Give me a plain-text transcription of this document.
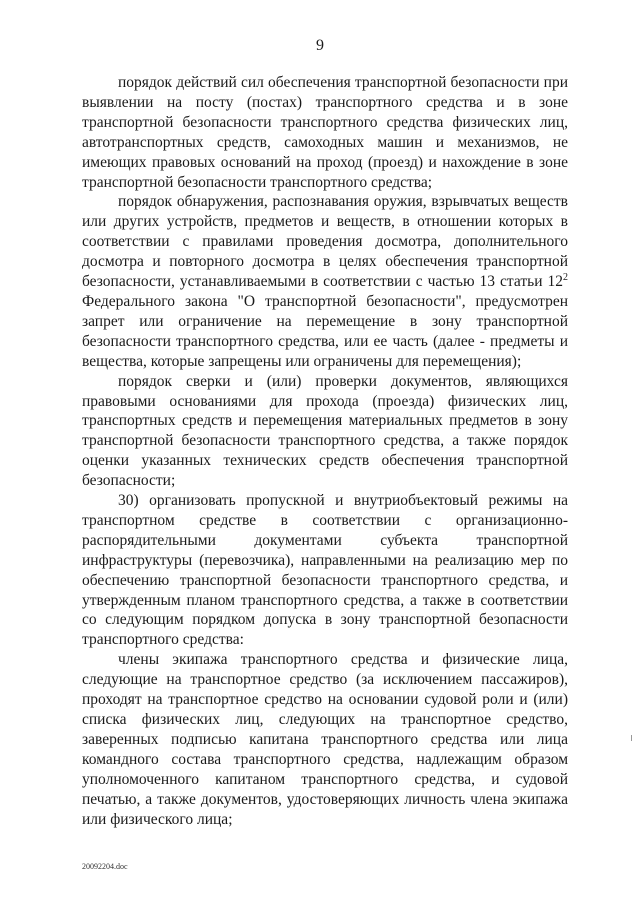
9

порядок действий сил обеспечения транспортной безопасности при выявлении на посту (постах) транспортного средства и в зоне транспортной безопасности транспортного средства физических лиц, автотранспортных средств, самоходных машин и механизмов, не имеющих правовых оснований на проход (проезд) и нахождение в зоне транспортной безопасности транспортного средства;

порядок обнаружения, распознавания оружия, взрывчатых веществ или других устройств, предметов и веществ, в отношении которых в соответствии с правилами проведения досмотра, дополнительного досмотра и повторного досмотра в целях обеспечения транспортной безопасности, устанавливаемыми в соответствии с частью 13 статьи $12^2$ Федерального закона "О транспортной безопасности", предусмотрен запрет или ограничение на перемещение в зону транспортной безопасности транспортного средства, или ее часть (далее - предметы и вещества, которые запрещены или ограничены для перемещения);

порядок сверки и (или) проверки документов, являющихся правовыми основаниями для прохода (проезда) физических лиц, транспортных средств и перемещения материальных предметов в зону транспортной безопасности транспортного средства, а также порядок оценки указанных технических средств обеспечения транспортной безопасности;

30) организовать пропускной и внутриобъектовый режимы на транспортном средстве в соответствии с организационно-распорядительными документами субъекта транспортной инфраструктуры (перевозчика), направленными на реализацию мер по обеспечению транспортной безопасности транспортного средства, и утвержденным планом транспортного средства, а также в соответствии со следующим порядком допуска в зону транспортной безопасности транспортного средства:

члены экипажа транспортного средства и физические лица, следующие на транспортное средство (за исключением пассажиров), проходят на транспортное средство на основании судовой роли и (или) списка физических лиц, следующих на транспортное средство, заверенных подписью капитана транспортного средства или лица командного состава транспортного средства, надлежащим образом уполномоченного капитаном транспортного средства, и судовой печатью, а также документов, удостоверяющих личность члена экипажа или физического лица;

20092204.doc
